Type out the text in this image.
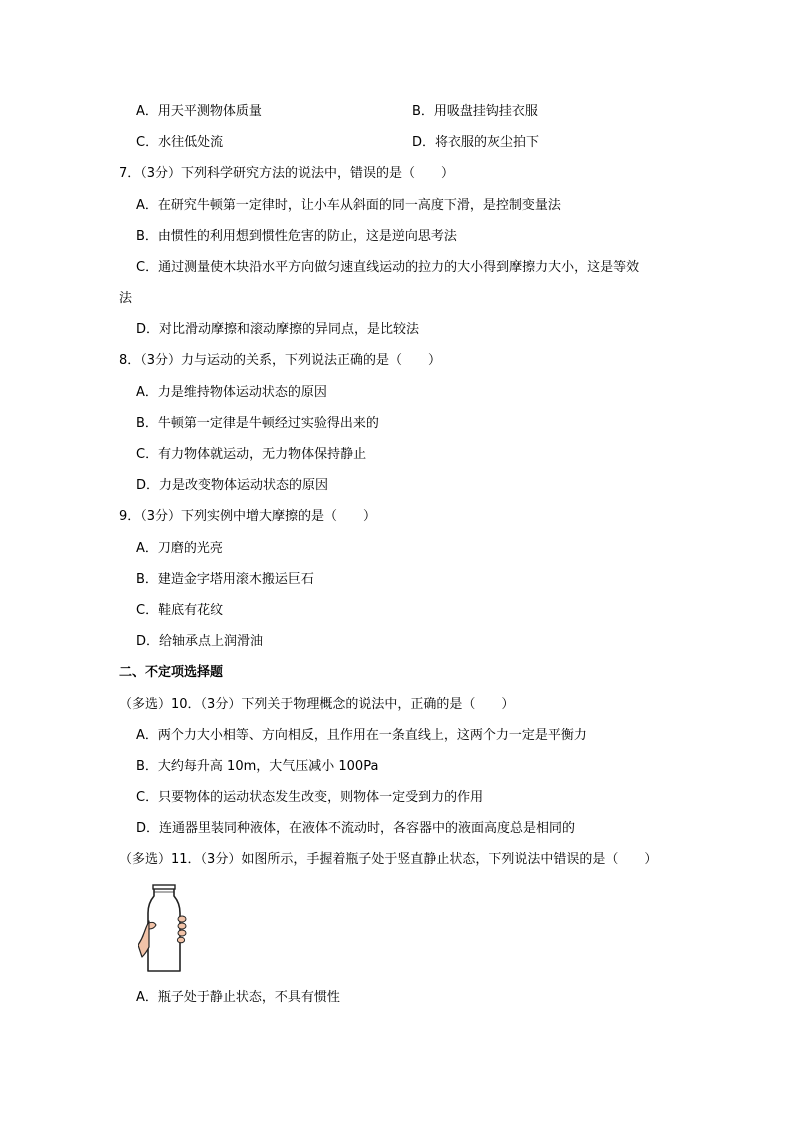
A．用天平测物体质量	B．用吸盘挂钩挂衣服
C．水往低处流	D．将衣服的灰尘拍下
7．（3分）下列科学研究方法的说法中，错误的是（　　）
A．在研究牛顿第一定律时，让小车从斜面的同一高度下滑，是控制变量法
B．由惯性的利用想到惯性危害的防止，这是逆向思考法
C．通过测量使木块沿水平方向做匀速直线运动的拉力的大小得到摩擦力大小，这是等效
法
D．对比滑动摩擦和滚动摩擦的异同点，是比较法
8．（3分）力与运动的关系，下列说法正确的是（　　）
A．力是维持物体运动状态的原因
B．牛顿第一定律是牛顿经过实验得出来的
C．有力物体就运动，无力物体保持静止
D．力是改变物体运动状态的原因
9．（3分）下列实例中增大摩擦的是（　　）
A．刀磨的光亮
B．建造金字塔用滚木搬运巨石
C．鞋底有花纹
D．给轴承点上润滑油
二、不定项选择题
（多选）10．（3分）下列关于物理概念的说法中，正确的是（　　）
A．两个力大小相等、方向相反，且作用在一条直线上，这两个力一定是平衡力
B．大约每升高 10m，大气压减小 100Pa
C．只要物体的运动状态发生改变，则物体一定受到力的作用
D．连通器里装同种液体，在液体不流动时，各容器中的液面高度总是相同的
（多选）11．（3分）如图所示，手握着瓶子处于竖直静止状态，下列说法中错误的是（　　）
A．瓶子处于静止状态，不具有惯性
